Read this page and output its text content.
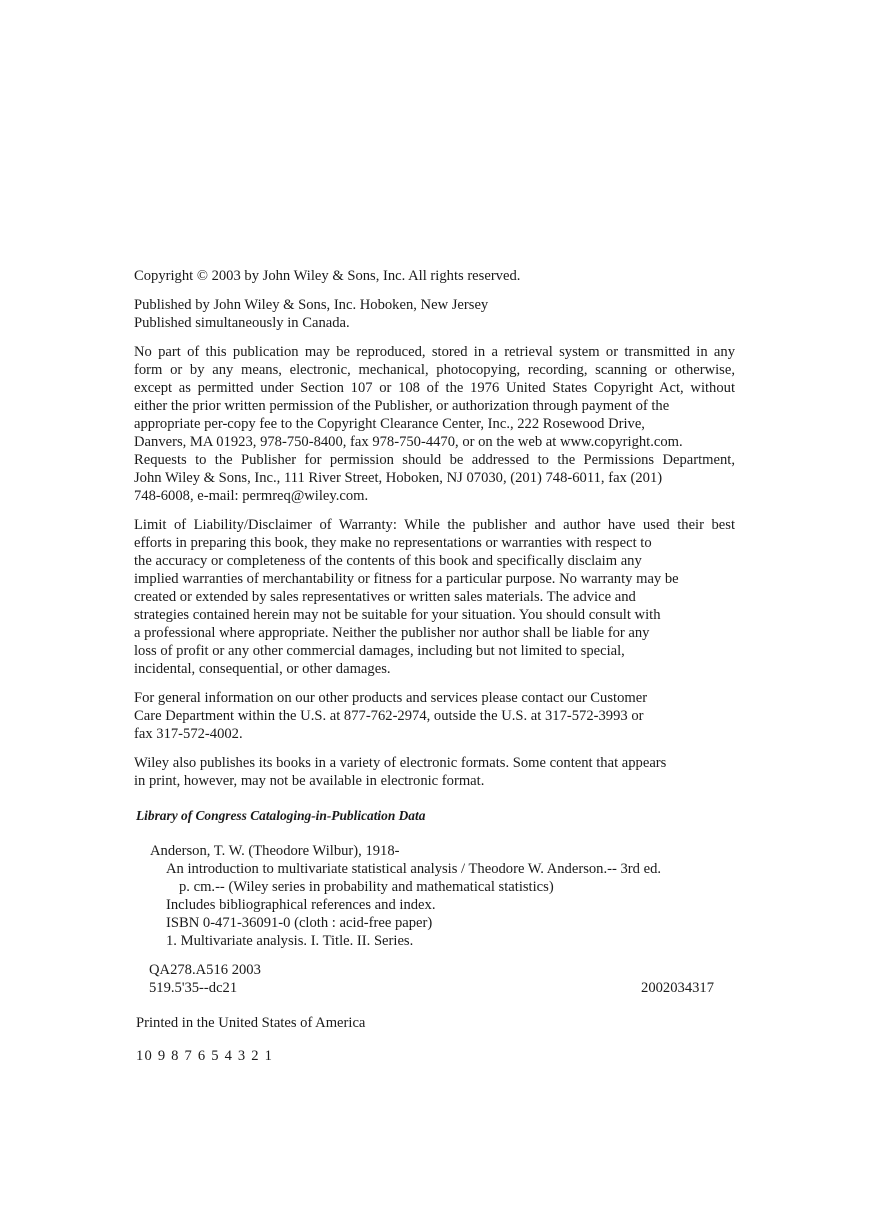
Copyright © 2003 by John Wiley & Sons, Inc. All rights reserved.
Published by John Wiley & Sons, Inc. Hoboken, New Jersey
Published simultaneously in Canada.
No part of this publication may be reproduced, stored in a retrieval system or transmitted in any
form or by any means, electronic, mechanical, photocopying, recording, scanning or otherwise,
except as permitted under Section 107 or 108 of the 1976 United States Copyright Act, without
either the prior written permission of the Publisher, or authorization through payment of the
appropriate per-copy fee to the Copyright Clearance Center, Inc., 222 Rosewood Drive,
Danvers, MA 01923, 978-750-8400, fax 978-750-4470, or on the web at www.copyright.com.
Requests to the Publisher for permission should be addressed to the Permissions Department,
John Wiley & Sons, Inc., 111 River Street, Hoboken, NJ 07030, (201) 748-6011, fax (201)
748-6008, e-mail: permreq@wiley.com.
Limit of Liability/Disclaimer of Warranty: While the publisher and author have used their best
efforts in preparing this book, they make no representations or warranties with respect to
the accuracy or completeness of the contents of this book and specifically disclaim any
implied warranties of merchantability or fitness for a particular purpose. No warranty may be
created or extended by sales representatives or written sales materials. The advice and
strategies contained herein may not be suitable for your situation. You should consult with
a professional where appropriate. Neither the publisher nor author shall be liable for any
loss of profit or any other commercial damages, including but not limited to special,
incidental, consequential, or other damages.
For general information on our other products and services please contact our Customer
Care Department within the U.S. at 877-762-2974, outside the U.S. at 317-572-3993 or
fax 317-572-4002.
Wiley also publishes its books in a variety of electronic formats. Some content that appears
in print, however, may not be available in electronic format.
Library of Congress Cataloging-in-Publication Data
Anderson, T. W. (Theodore Wilbur), 1918-
An introduction to multivariate statistical analysis / Theodore W. Anderson.-- 3rd ed.
p. cm.-- (Wiley series in probability and mathematical statistics)
Includes bibliographical references and index.
ISBN 0-471-36091-0 (cloth : acid-free paper)
1. Multivariate analysis. I. Title. II. Series.
QA278.A516 2003
519.5'35--dc21	2002034317
Printed in the United States of America
10 9 8 7 6 5 4 3 2 1
